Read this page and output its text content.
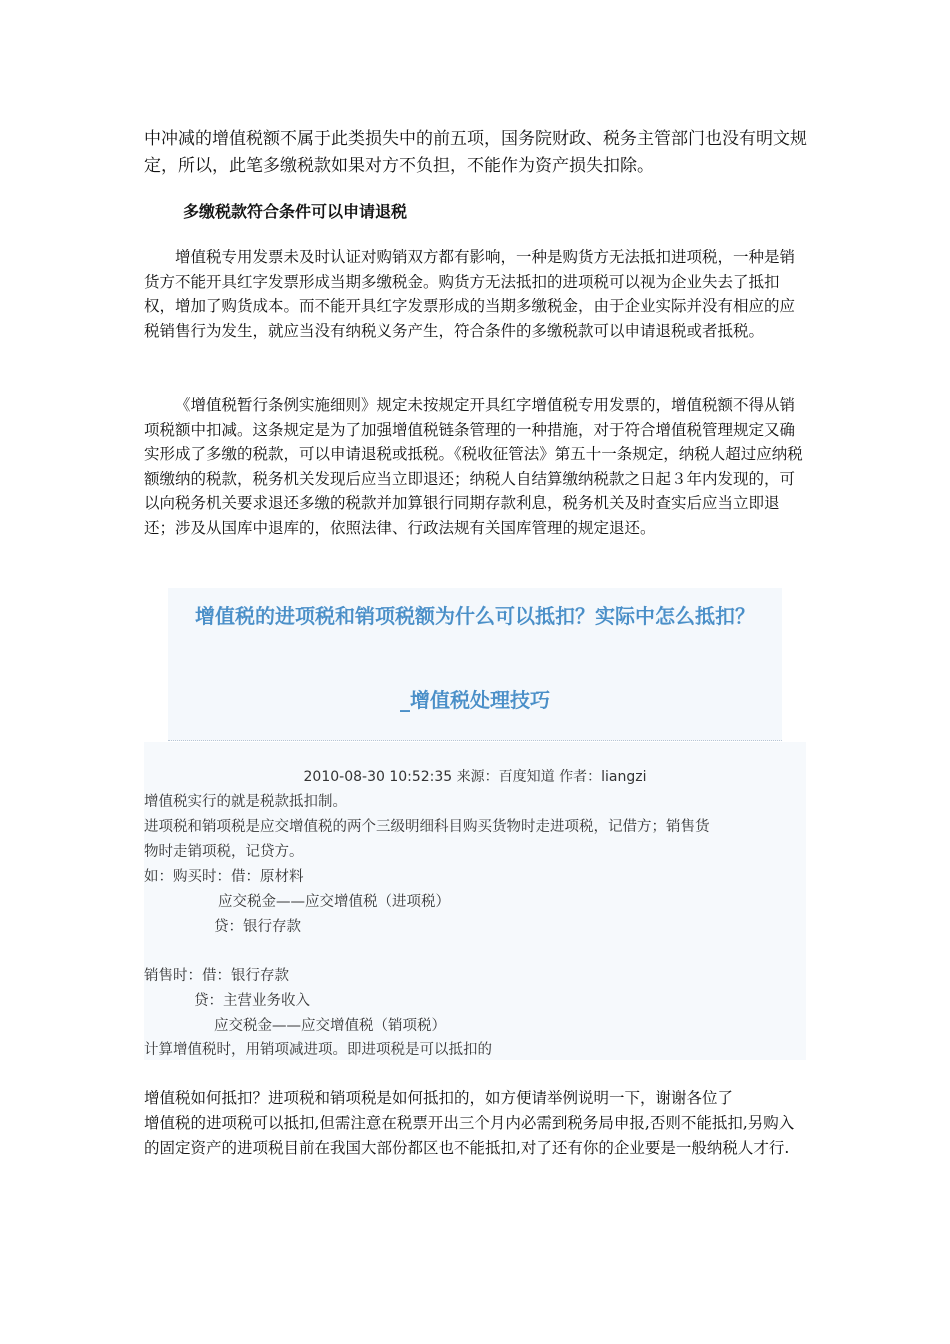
中冲减的增值税额不属于此类损失中的前五项，国务院财政、税务主管部门也没有明文规定，所以，此笔多缴税款如果对方不负担，不能作为资产损失扣除。

多缴税款符合条件可以申请退税

增值税专用发票未及时认证对购销双方都有影响，一种是购货方无法抵扣进项税，一种是销货方不能开具红字发票形成当期多缴税金。购货方无法抵扣的进项税可以视为企业失去了抵扣权，增加了购货成本。而不能开具红字发票形成的当期多缴税金，由于企业实际并没有相应的应税销售行为发生，就应当没有纳税义务产生，符合条件的多缴税款可以申请退税或者抵税。

《增值税暂行条例实施细则》规定未按规定开具红字增值税专用发票的，增值税额不得从销项税额中扣减。这条规定是为了加强增值税链条管理的一种措施，对于符合增值税管理规定又确实形成了多缴的税款，可以申请退税或抵税。《税收征管法》第五十一条规定，纳税人超过应纳税额缴纳的税款，税务机关发现后应当立即退还；纳税人自结算缴纳税款之日起３年内发现的，可以向税务机关要求退还多缴的税款并加算银行同期存款利息，税务机关及时查实后应当立即退还；涉及从国库中退库的，依照法律、行政法规有关国库管理的规定退还。

增值税的进项税和销项税额为什么可以抵扣？实际中怎么抵扣？

_增值税处理技巧

2010-08-30 10:52:35 来源：百度知道 作者：liangzi

增值税实行的就是税款抵扣制。

进项税和销项税是应交增值税的两个三级明细科目购买货物时走进项税，记借方；销售货

物时走销项税，记贷方。

如：购买时：借：原材料

应交税金——应交增值税（进项税）

贷：银行存款

销售时：借：银行存款

贷：主营业务收入

应交税金——应交增值税（销项税）

计算增值税时，用销项减进项。即进项税是可以抵扣的

增值税如何抵扣？进项税和销项税是如何抵扣的，如方便请举例说明一下，谢谢各位了

增值税的进项税可以抵扣,但需注意在税票开出三个月内必需到税务局申报,否则不能抵扣,另购入的固定资产的进项税目前在我国大部份都区也不能抵扣,对了还有你的企业要是一般纳税人才行.
